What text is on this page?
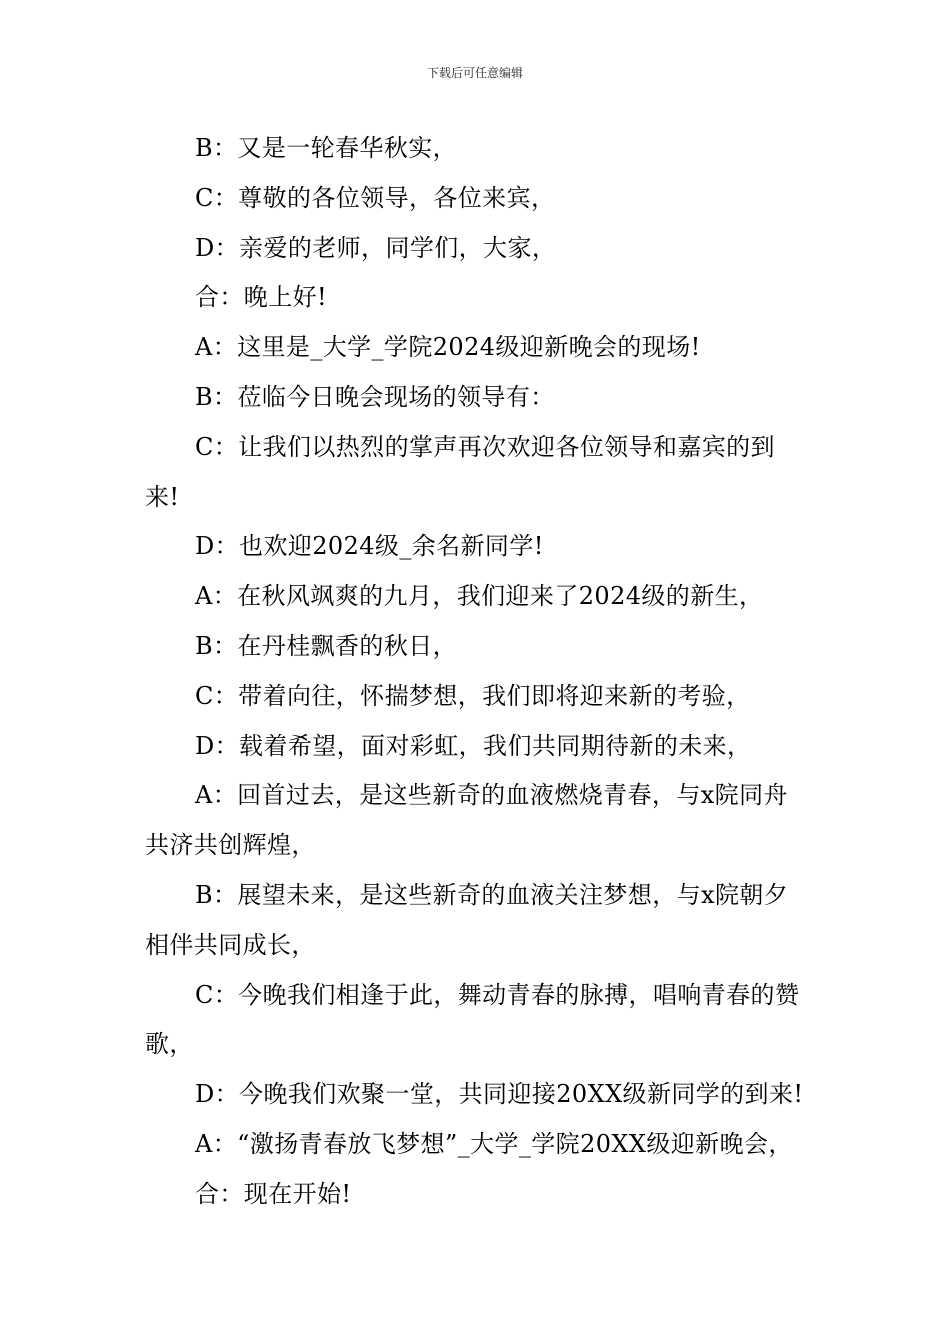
下载后可任意编辑

B：又是一轮春华秋实，

C：尊敬的各位领导，各位来宾，

D：亲爱的老师，同学们，大家，

合：晚上好!

A：这里是_大学_学院2024级迎新晚会的现场!

B：莅临今日晚会现场的领导有：

C：让我们以热烈的掌声再次欢迎各位领导和嘉宾的到来!

D：也欢迎2024级_余名新同学!

A：在秋风飒爽的九月，我们迎来了2024级的新生，

B：在丹桂飘香的秋日，

C：带着向往，怀揣梦想，我们即将迎来新的考验，

D：载着希望，面对彩虹，我们共同期待新的未来，

A：回首过去，是这些新奇的血液燃烧青春，与x院同舟共济共创辉煌，

B：展望未来，是这些新奇的血液关注梦想，与x院朝夕相伴共同成长，

C：今晚我们相逢于此，舞动青春的脉搏，唱响青春的赞歌，

D：今晚我们欢聚一堂，共同迎接20XX级新同学的到来!

A：“激扬青春放飞梦想”_大学_学院20XX级迎新晚会，

合：现在开始!
